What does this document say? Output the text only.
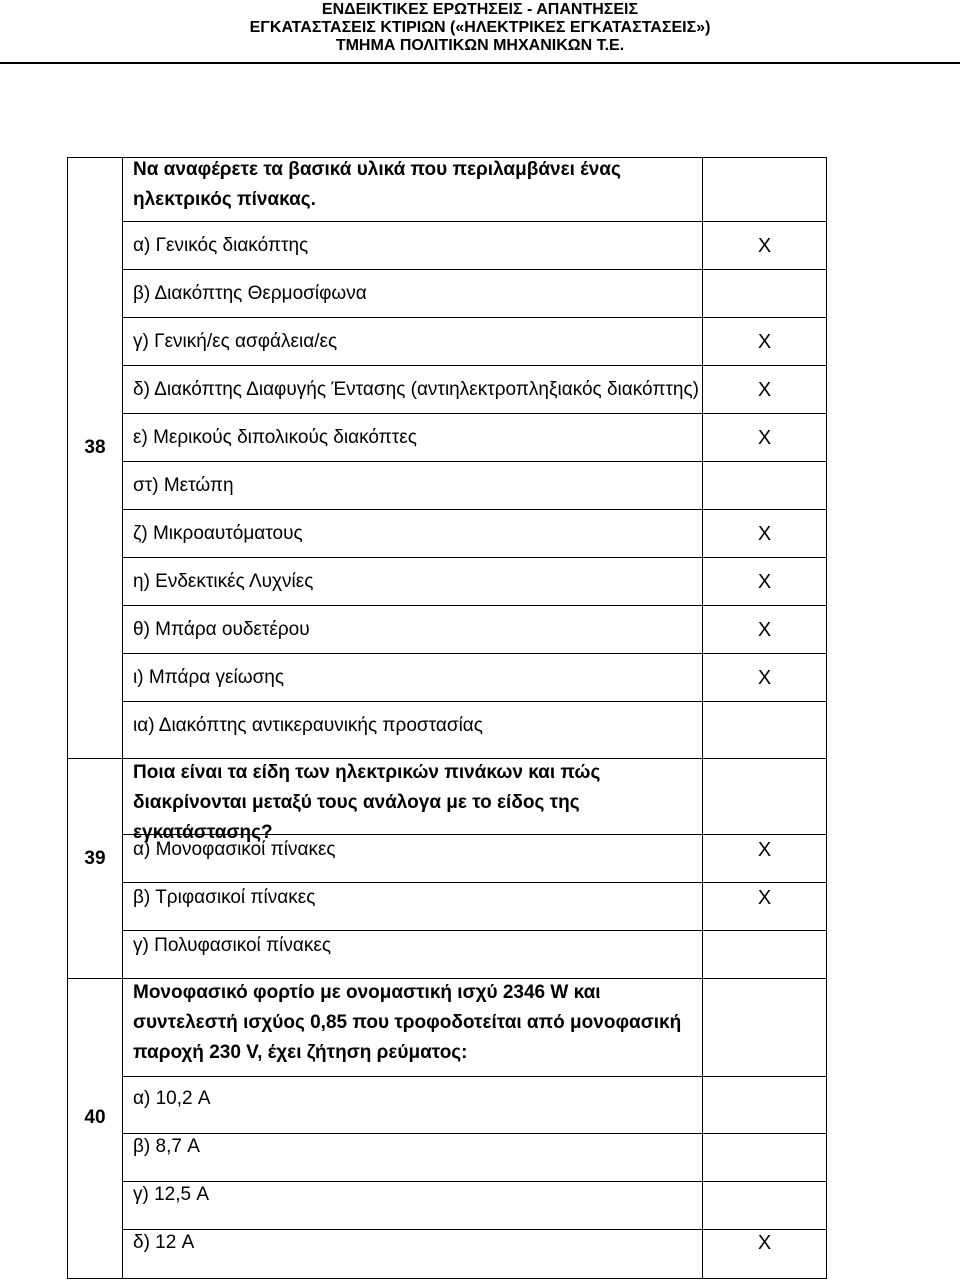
ΕΝΔΕΙΚΤΙΚΕΣ ΕΡΩΤΗΣΕΙΣ - ΑΠΑΝΤΗΣΕΙΣ
ΕΓΚΑΤΑΣΤΑΣΕΙΣ ΚΤΙΡΙΩΝ («ΗΛΕΚΤΡΙΚΕΣ ΕΓΚΑΤΑΣΤΑΣΕΙΣ»)
ΤΜΗΜΑ ΠΟΛΙΤΙΚΩΝ ΜΗΧΑΝΙΚΩΝ Τ.Ε.
38
Να αναφέρετε τα βασικά υλικά που περιλαμβάνει ένας ηλεκτρικός πίνακας.
α) Γενικός διακόπτης	X
β) Διακόπτης Θερμοσίφωνα
γ) Γενική/ες ασφάλεια/ες	X
δ) Διακόπτης Διαφυγής Έντασης (αντιηλεκτροπληξιακός διακόπτης)	X
ε) Μερικούς διπολικούς διακόπτες	X
στ) Μετώπη
ζ) Μικροαυτόματους	X
η) Ενδεκτικές Λυχνίες	X
θ) Μπάρα ουδετέρου	X
ι) Μπάρα γείωσης	X
ια) Διακόπτης αντικεραυνικής προστασίας
39
Ποια είναι τα είδη των ηλεκτρικών πινάκων και πώς διακρίνονται μεταξύ τους ανάλογα με το είδος της εγκατάστασης?
α) Μονοφασικοί πίνακες	X
β) Τριφασικοί πίνακες	X
γ) Πολυφασικοί πίνακες
40
Μονοφασικό φορτίο με ονομαστική ισχύ 2346 W και συντελεστή ισχύος 0,85 που τροφοδοτείται από μονοφασική παροχή 230 V, έχει ζήτηση ρεύματος:
α) 10,2 A
β) 8,7 A
γ) 12,5 A
δ) 12 A	X
